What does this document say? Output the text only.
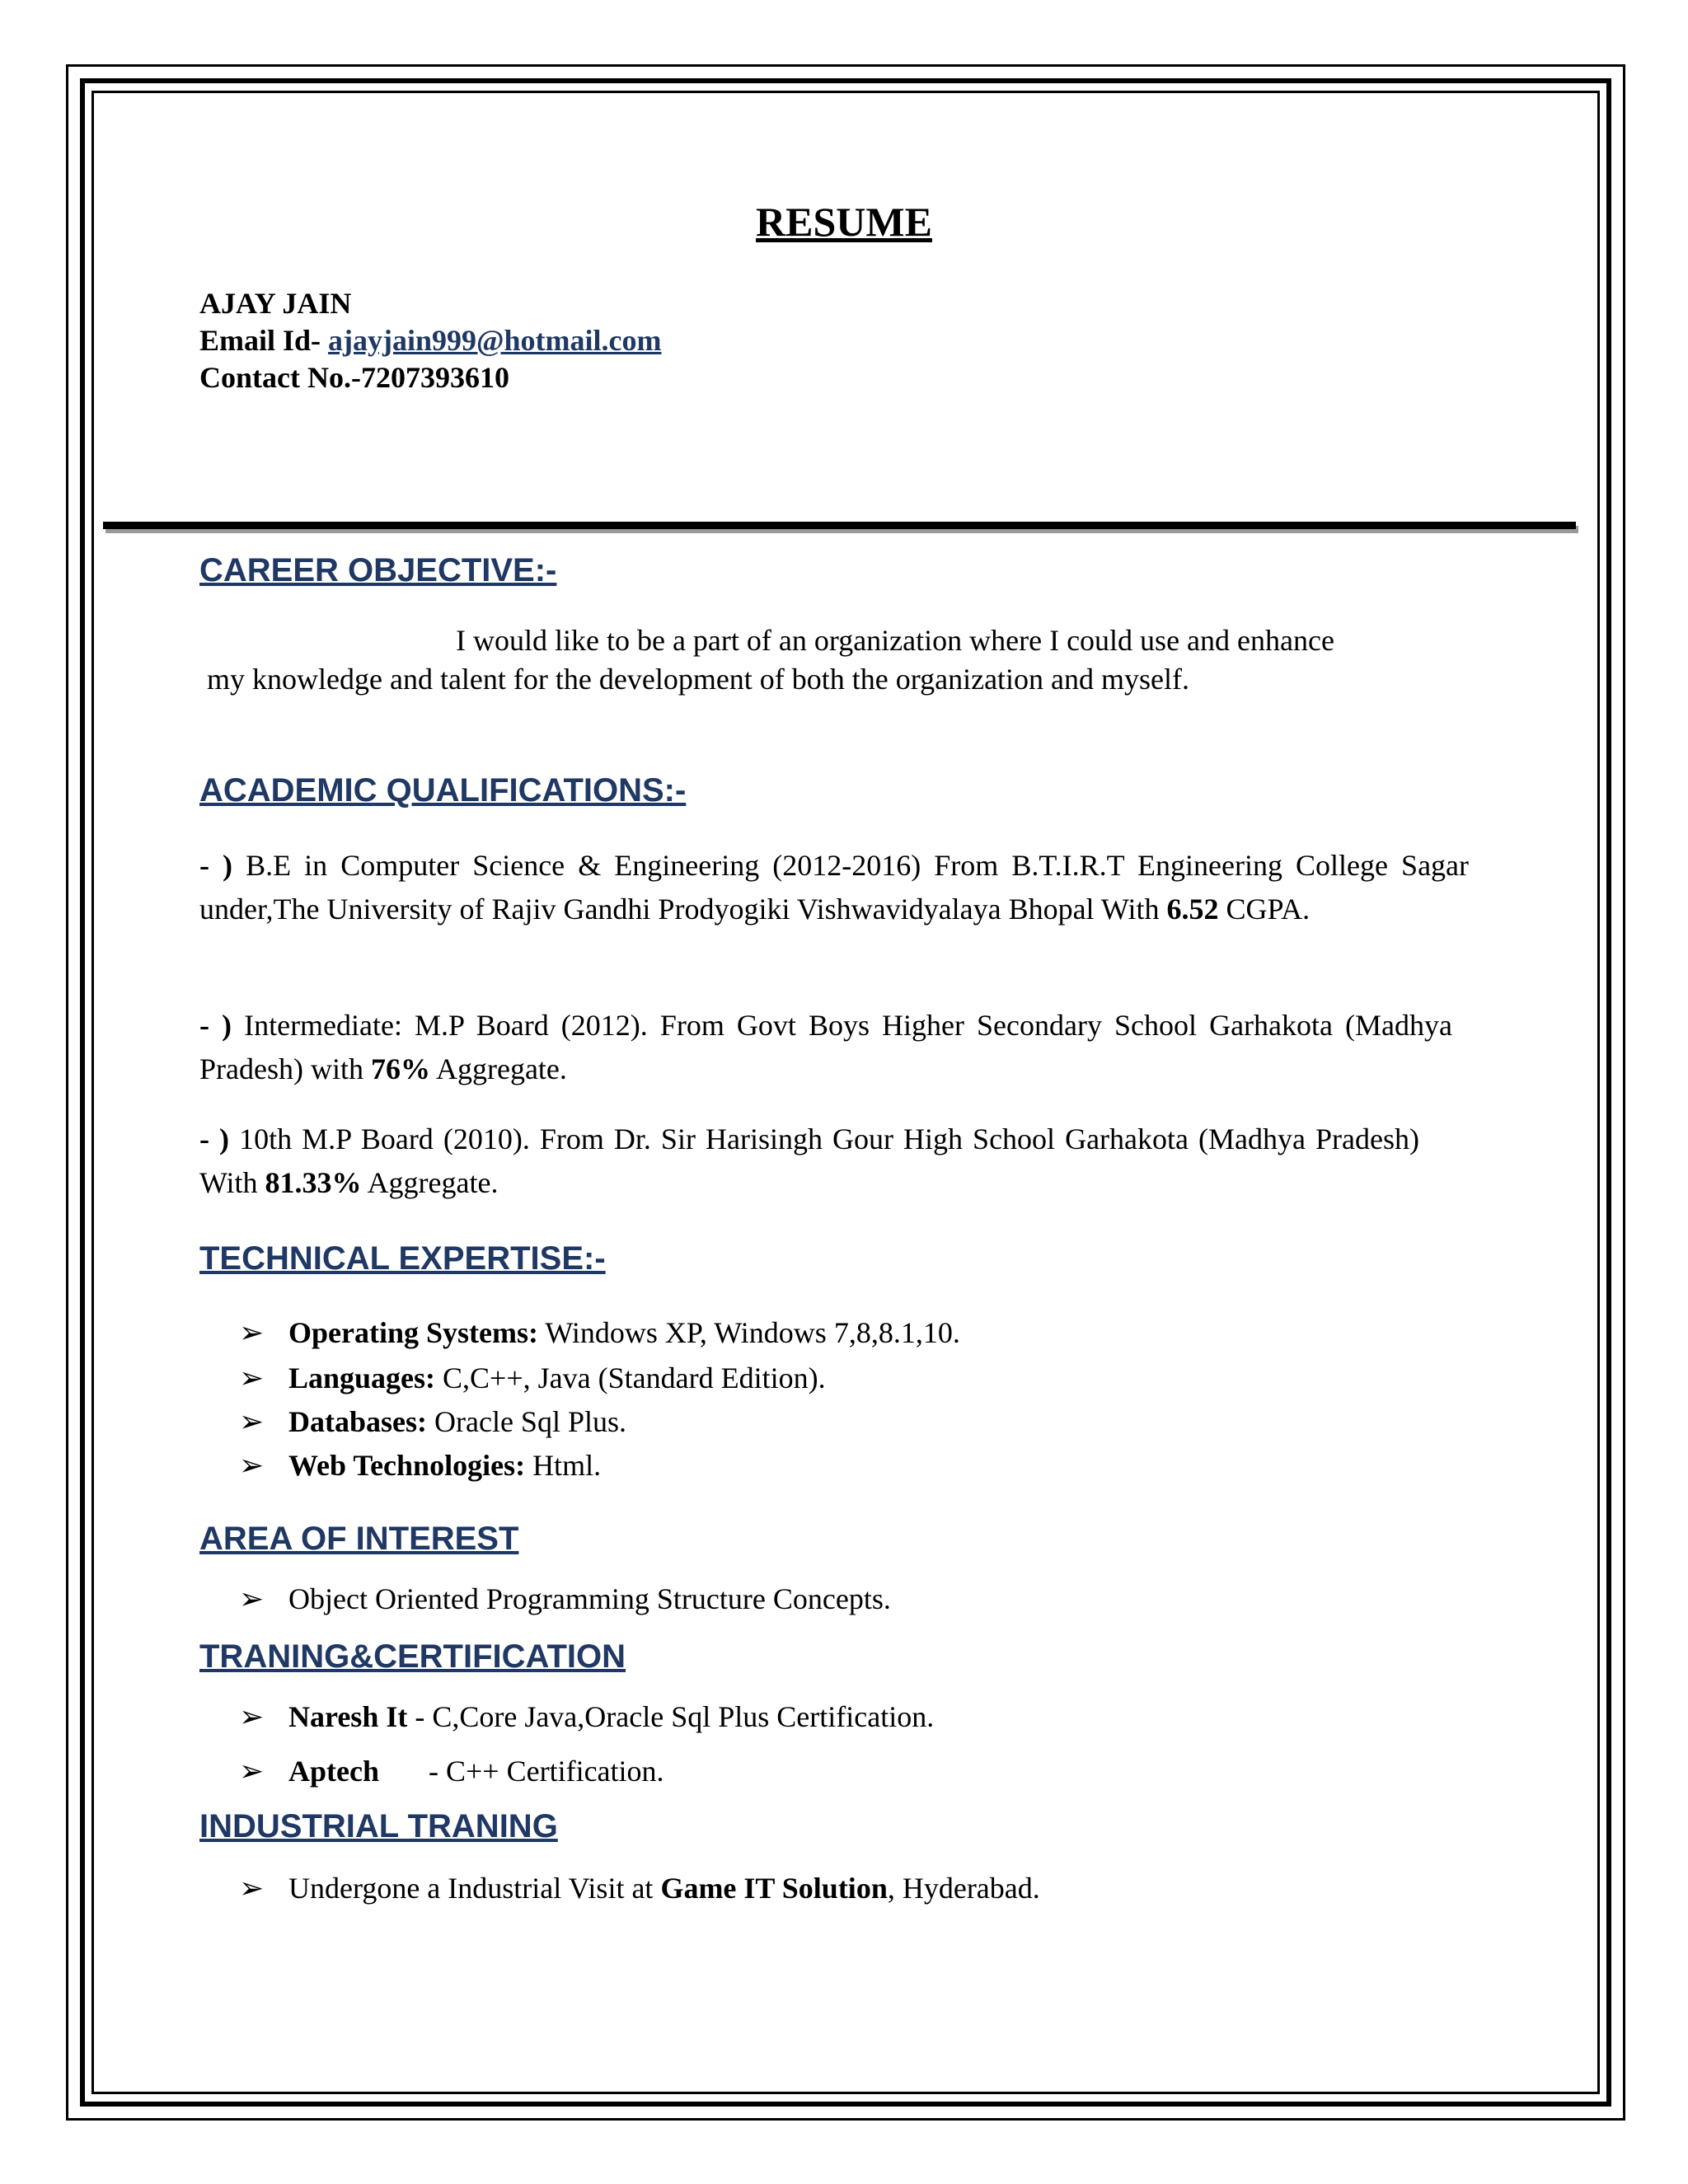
RESUME
AJAY JAIN
Email Id- ajayjain999@hotmail.com
Contact No.-7207393610
CAREER OBJECTIVE:-
I would like to be a part of an organization where I could use and enhance
my knowledge and talent for the development of both the organization and myself.
ACADEMIC QUALIFICATIONS:-
- ) B.E in Computer Science & Engineering (2012-2016) From B.T.I.R.T Engineering College Sagar under,The University of Rajiv Gandhi Prodyogiki Vishwavidyalaya Bhopal With 6.52 CGPA.
- ) Intermediate: M.P Board (2012). From Govt Boys Higher Secondary School Garhakota (Madhya Pradesh) with 76% Aggregate.
- ) 10th M.P Board (2010). From Dr. Sir Harisingh Gour High School Garhakota (Madhya Pradesh) With 81.33% Aggregate.
TECHNICAL EXPERTISE:-
➢ Operating Systems: Windows XP, Windows 7,8,8.1,10.
➢ Languages: C,C++, Java (Standard Edition).
➢ Databases: Oracle Sql Plus.
➢ Web Technologies: Html.
AREA OF INTEREST
➢ Object Oriented Programming Structure Concepts.
TRANING&CERTIFICATION
➢ Naresh It - C,Core Java,Oracle Sql Plus Certification.
➢ Aptech - C++ Certification.
INDUSTRIAL TRANING
➢ Undergone a Industrial Visit at Game IT Solution, Hyderabad.
